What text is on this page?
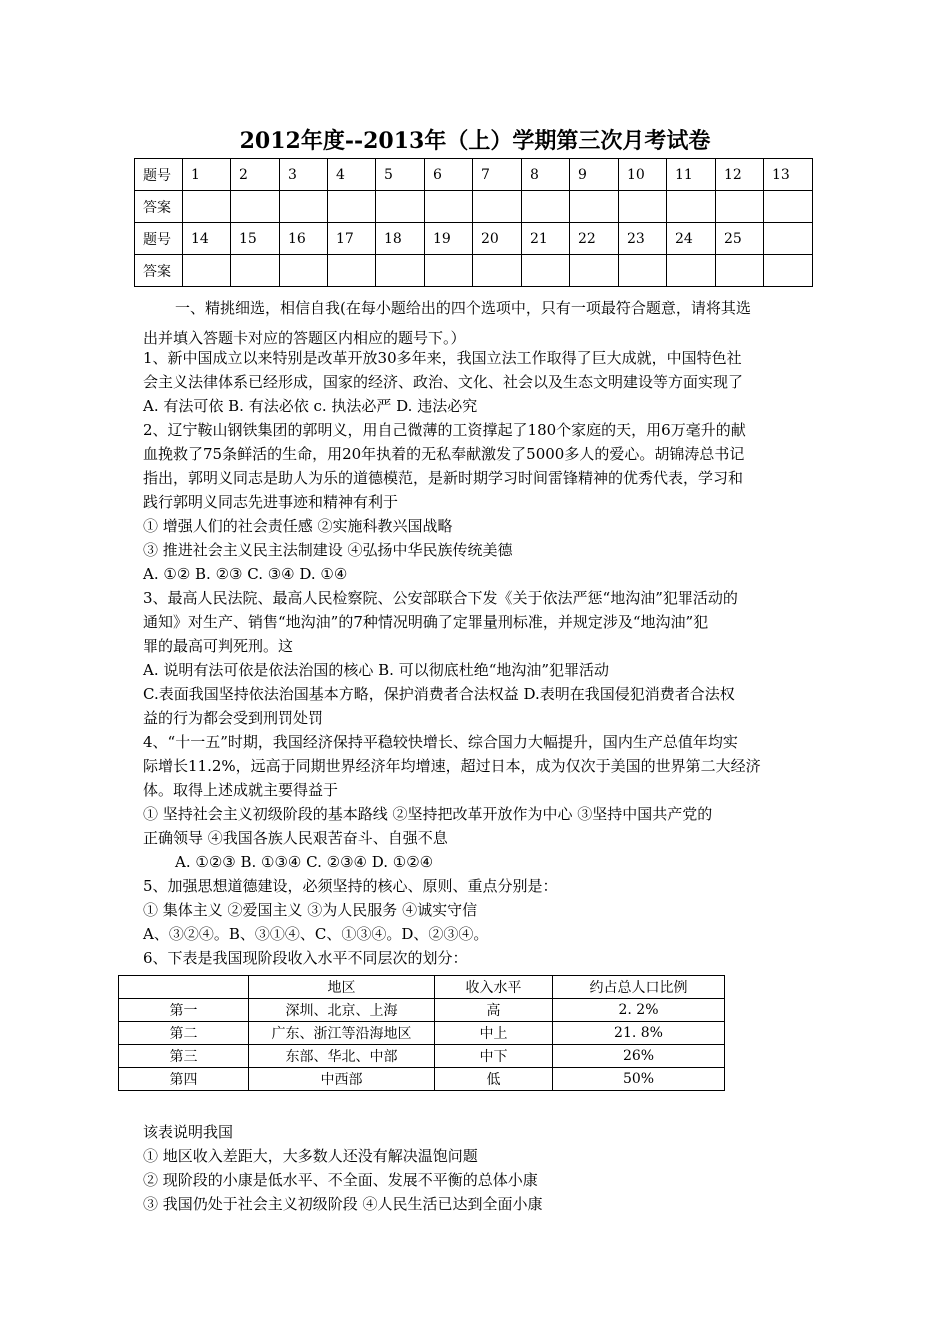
2012年度--2013年（上）学期第三次月考试卷
题号	1	2	3	4	5	6	7	8	9	10	11	12	13
答案													
题号	14	15	16	17	18	19	20	21	22	23	24	25	
答案													
一、精挑细选，相信自我(在每小题给出的四个选项中，只有一项最符合题意，请将其选
出并填入答题卡对应的答题区内相应的题号下。）
1、新中国成立以来特别是改革开放30多年来，我国立法工作取得了巨大成就，中国特色社
会主义法律体系已经形成，国家的经济、政治、文化、社会以及生态文明建设等方面实现了
A. 有法可依 B. 有法必依 c. 执法必严 D. 违法必究
2、辽宁鞍山钢铁集团的郭明义，用自己微薄的工资撑起了180个家庭的天，用6万毫升的献
血挽救了75条鲜活的生命，用20年执着的无私奉献激发了5000多人的爱心。胡锦涛总书记
指出，郭明义同志是助人为乐的道德模范，是新时期学习时间雷锋精神的优秀代表，学习和
践行郭明义同志先进事迹和精神有利于
① 增强人们的社会责任感 ②实施科教兴国战略
③ 推进社会主义民主法制建设 ④弘扬中华民族传统美德
A. ①② B. ②③ C. ③④ D. ①④
3、最高人民法院、最高人民检察院、公安部联合下发《关于依法严惩“地沟油”犯罪活动的
通知》对生产、销售“地沟油”的7种情况明确了定罪量刑标准，并规定涉及“地沟油”犯
罪的最高可判死刑。这
A. 说明有法可依是依法治国的核心 B. 可以彻底杜绝“地沟油”犯罪活动
C.表面我国坚持依法治国基本方略，保护消费者合法权益 D.表明在我国侵犯消费者合法权
益的行为都会受到刑罚处罚
4、“十一五”时期，我国经济保持平稳较快增长、综合国力大幅提升，国内生产总值年均实
际增长11.2%，远高于同期世界经济年均增速，超过日本，成为仅次于美国的世界第二大经济
体。取得上述成就主要得益于
① 坚持社会主义初级阶段的基本路线 ②坚持把改革开放作为中心 ③坚持中国共产党的
正确领导 ④我国各族人民艰苦奋斗、自强不息
A. ①②③ B. ①③④ C. ②③④ D. ①②④
5、加强思想道德建设，必须坚持的核心、原则、重点分别是：
① 集体主义 ②爱国主义 ③为人民服务 ④诚实守信
A、③②④。B、③①④、C、①③④。D、②③④。
6、下表是我国现阶段收入水平不同层次的划分：
	地区	收入水平	约占总人口比例
第一	深圳、北京、上海	高	2. 2%
第二	广东、浙江等沿海地区	中上	21. 8%
第三	东部、华北、中部	中下	26%
第四	中西部	低	50%
该表说明我国
① 地区收入差距大，大多数人还没有解决温饱问题
② 现阶段的小康是低水平、不全面、发展不平衡的总体小康
③ 我国仍处于社会主义初级阶段 ④人民生活已达到全面小康
